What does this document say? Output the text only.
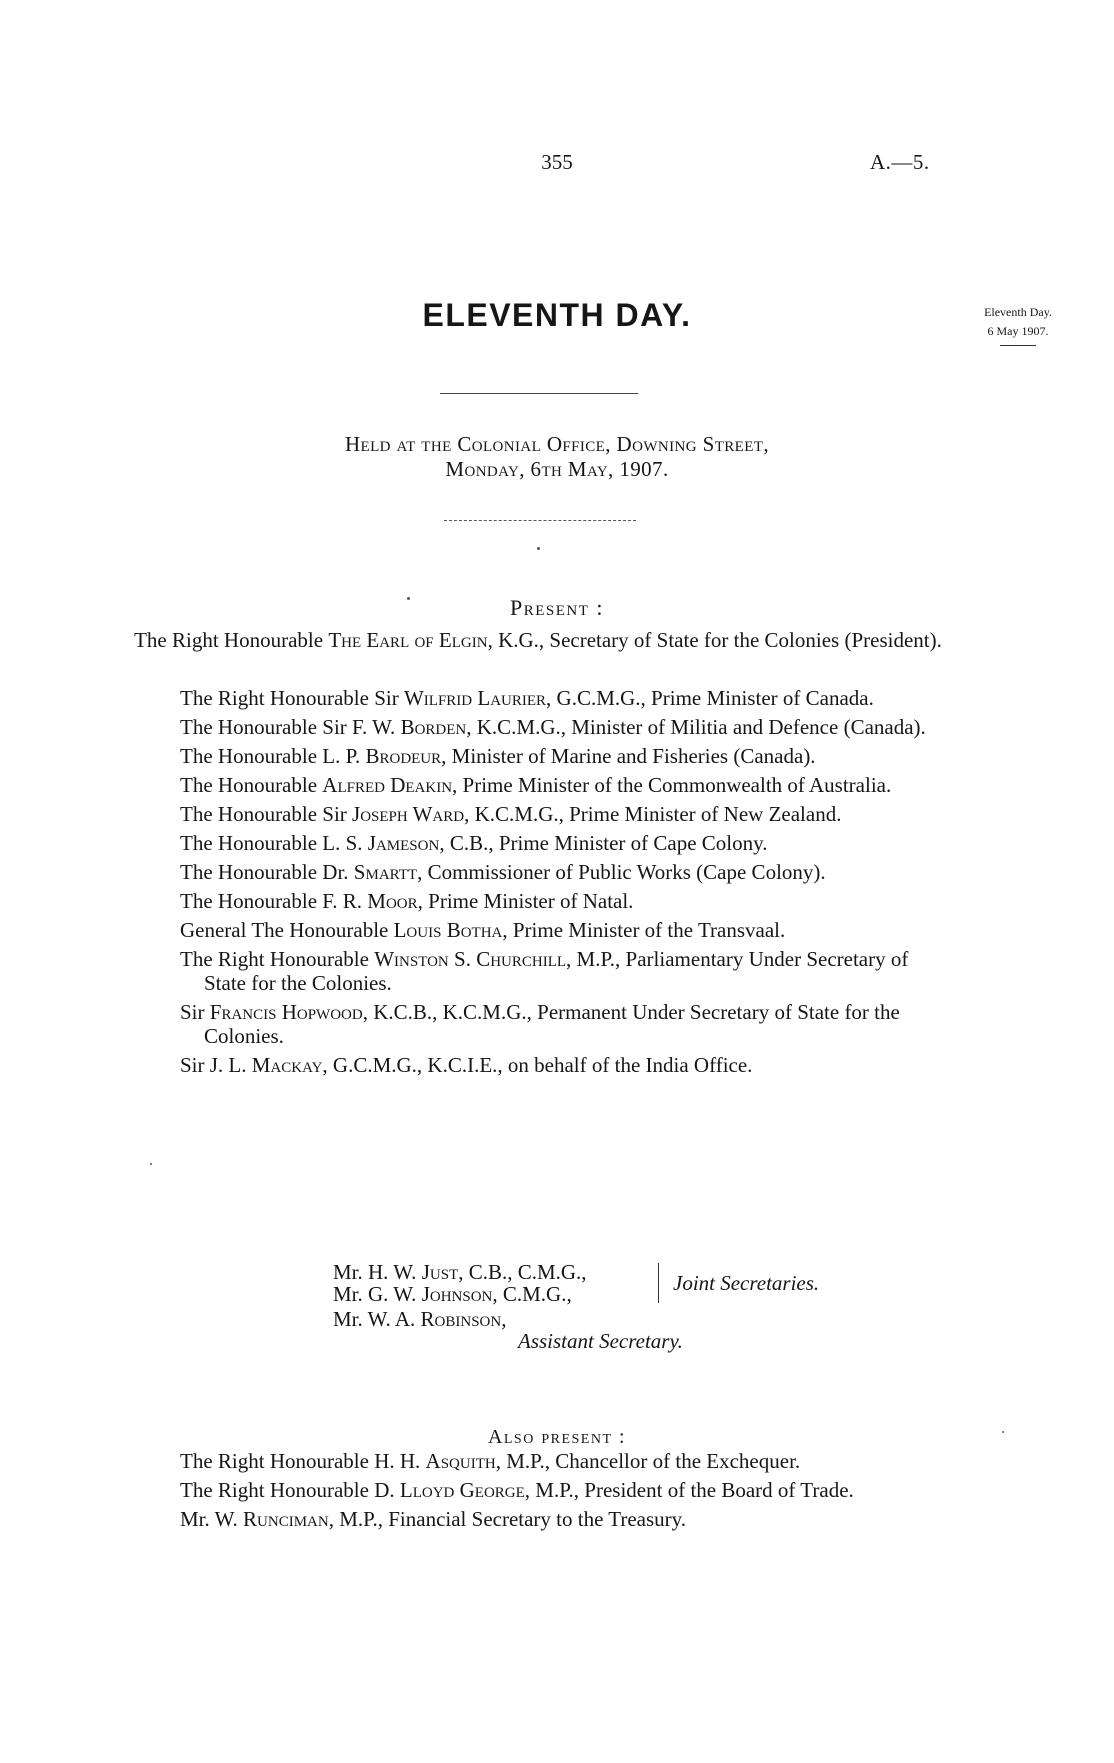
355	A.—5.
ELEVENTH DAY.	Eleventh Day.
6 May 1907.
Held at the Colonial Office, Downing Street,
Monday, 6th May, 1907.
Present :
The Right Honourable The Earl of Elgin, K.G., Secretary of State for the Colonies (President).
The Right Honourable Sir Wilfrid Laurier, G.C.M.G., Prime Minister of Canada.
The Honourable Sir F. W. Borden, K.C.M.G., Minister of Militia and Defence (Canada).
The Honourable L. P. Brodeur, Minister of Marine and Fisheries (Canada).
The Honourable Alfred Deakin, Prime Minister of the Commonwealth of Australia.
The Honourable Sir Joseph Ward, K.C.M.G., Prime Minister of New Zealand.
The Honourable L. S. Jameson, C.B., Prime Minister of Cape Colony.
The Honourable Dr. Smartt, Commissioner of Public Works (Cape Colony).
The Honourable F. R. Moor, Prime Minister of Natal.
General The Honourable Louis Botha, Prime Minister of the Transvaal.
The Right Honourable Winston S. Churchill, M.P., Parliamentary Under Secretary of State for the Colonies.
Sir Francis Hopwood, K.C.B., K.C.M.G., Permanent Under Secretary of State for the Colonies.
Sir J. L. Mackay, G.C.M.G., K.C.I.E., on behalf of the India Office.
Mr. H. W. Just, C.B., C.M.G.,
Mr. G. W. Johnson, C.M.G.,	Joint Secretaries.
Mr. W. A. Robinson,
Assistant Secretary.
Also present :
The Right Honourable H. H. Asquith, M.P., Chancellor of the Exchequer.
The Right Honourable D. Lloyd George, M.P., President of the Board of Trade.
Mr. W. Runciman, M.P., Financial Secretary to the Treasury.
